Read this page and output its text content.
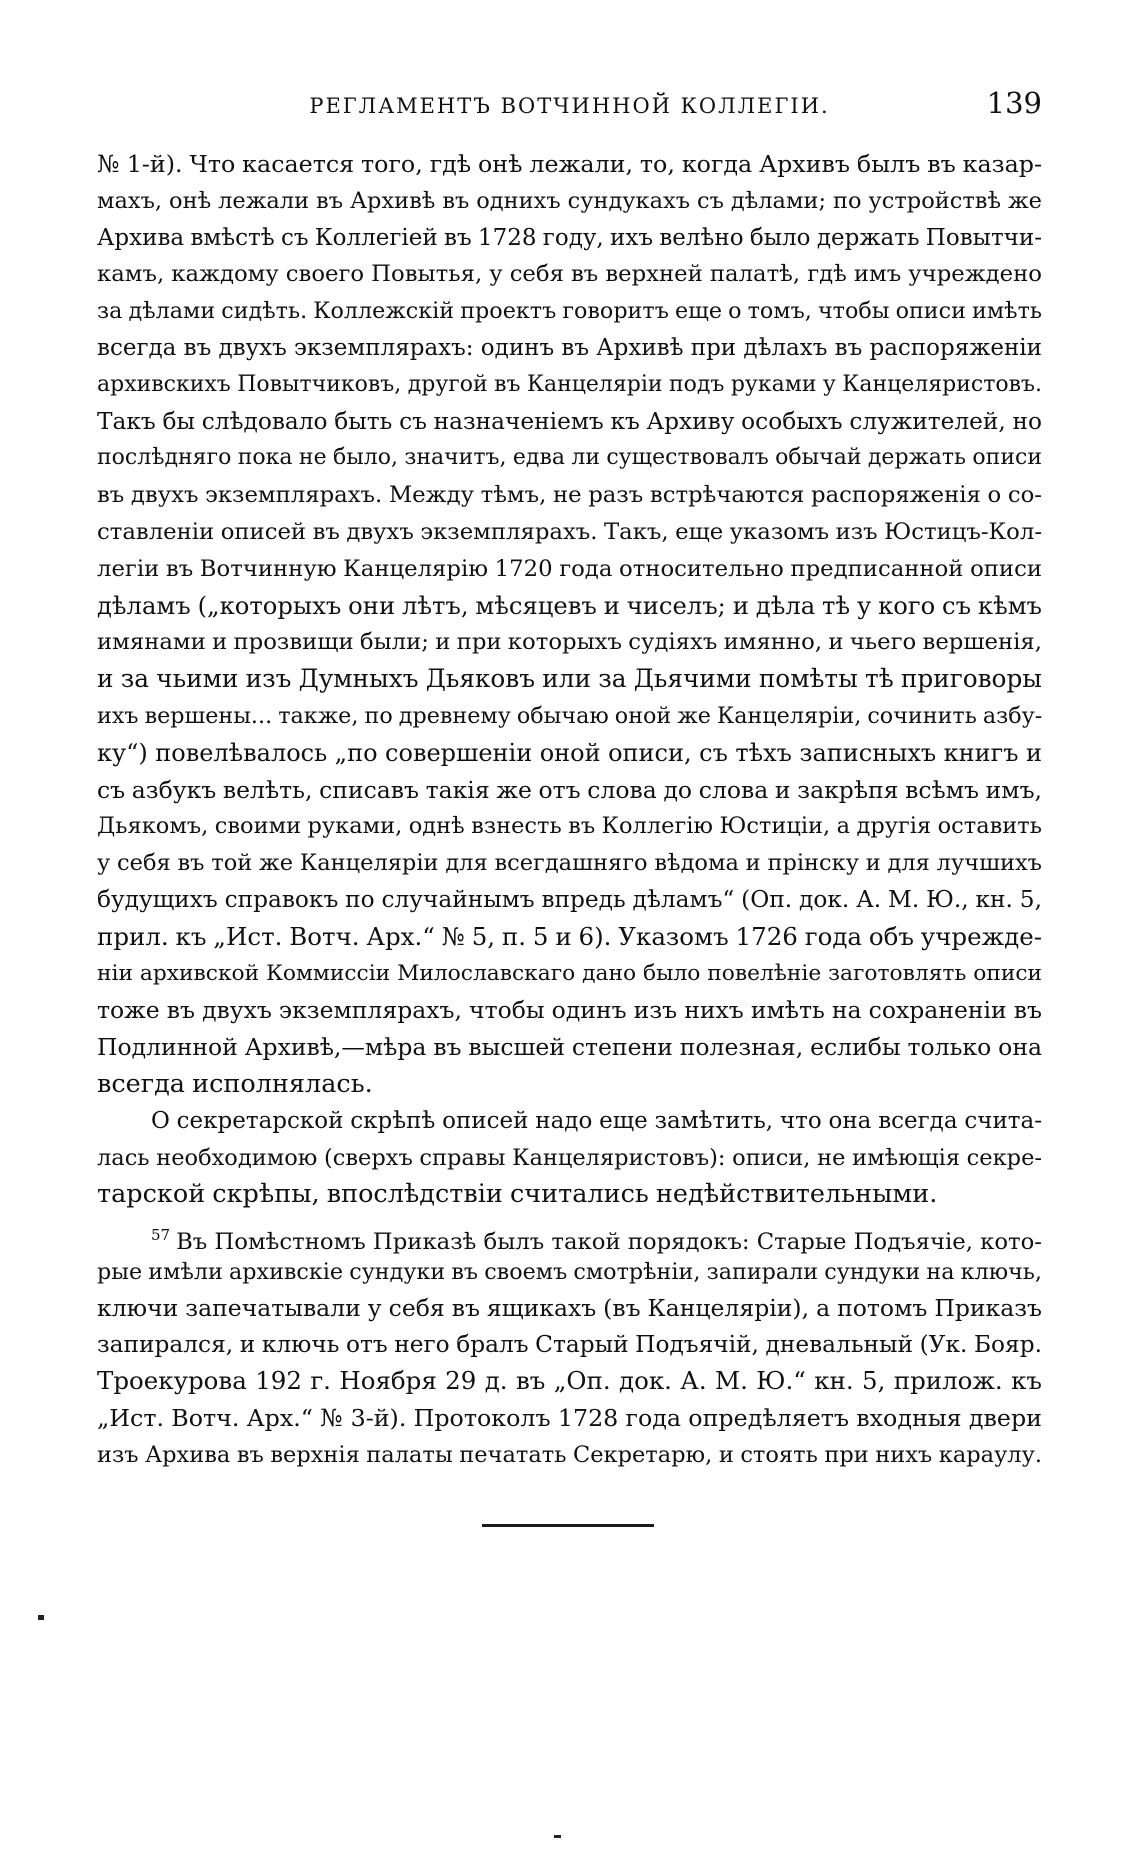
РЕГЛАМЕНТЪ ВОТЧИННОЙ КОЛЛЕГІИ.	139
№ 1-й). Что касается того, гдѣ онѣ лежали, то, когда Архивъ былъ въ казар-
махъ, онѣ лежали въ Архивѣ въ однихъ сундукахъ съ дѣлами; по устройствѣ же
Архива вмѣстѣ съ Коллегіей въ 1728 году, ихъ велѣно было держать Повытчи-
камъ, каждому своего Повытья, у себя въ верхней палатѣ, гдѣ имъ учреждено
за дѣлами сидѣть. Коллежскій проектъ говоритъ еще о томъ, чтобы описи имѣть
всегда въ двухъ экземплярахъ: одинъ въ Архивѣ при дѣлахъ въ распоряженіи
архивскихъ Повытчиковъ, другой въ Канцеляріи подъ руками у Канцеляристовъ.
Такъ бы слѣдовало быть съ назначеніемъ къ Архиву особыхъ служителей, но
послѣдняго пока не было, значитъ, едва ли существовалъ обычай держать описи
въ двухъ экземплярахъ. Между тѣмъ, не разъ встрѣчаются распоряженія о со-
ставленіи описей въ двухъ экземплярахъ. Такъ, еще указомъ изъ Юстицъ-Кол-
легіи въ Вотчинную Канцелярію 1720 года относительно предписанной описи
дѣламъ („которыхъ они лѣтъ, мѣсяцевъ и чиселъ; и дѣла тѣ у кого съ кѣмъ
имянами и прозвищи были; и при которыхъ судіяхъ имянно, и чьего вершенія,
и за чьими изъ Думныхъ Дьяковъ или за Дьячими помѣты тѣ приговоры
ихъ вершены... также, по древнему обычаю оной же Канцеляріи, сочинить азбу-
ку“) повелѣвалось „по совершеніи оной описи, съ тѣхъ записныхъ книгъ и
съ азбукъ велѣть, списавъ такія же отъ слова до слова и закрѣпя всѣмъ имъ,
Дьякомъ, своими руками, однѣ взнесть въ Коллегію Юстиціи, а другія оставить
у себя въ той же Канцеляріи для всегдашняго вѣдома и прінску и для лучшихъ
будущихъ справокъ по случайнымъ впредь дѣламъ“ (Оп. док. А. М. Ю., кн. 5,
прил. къ „Ист. Вотч. Арх.“ № 5, п. 5 и 6). Указомъ 1726 года объ учрежде-
ніи архивской Коммиссіи Милославскаго дано было повелѣніе заготовлять описи
тоже въ двухъ экземплярахъ, чтобы одинъ изъ нихъ имѣть на сохраненіи въ
Подлинной Архивѣ,—мѣра въ высшей степени полезная, еслибы только она
всегда исполнялась.
О секретарской скрѣпѣ описей надо еще замѣтить, что она всегда счита-
лась необходимою (сверхъ справы Канцеляристовъ): описи, не имѣющія секре-
тарской скрѣпы, впослѣдствіи считались недѣйствительными.
$^{57}$ Въ Помѣстномъ Приказѣ былъ такой порядокъ: Старые Подъячіе, кото-
рые имѣли архивскіе сундуки въ своемъ смотрѣніи, запирали сундуки на ключь,
ключи запечатывали у себя въ ящикахъ (въ Канцеляріи), а потомъ Приказъ
запирался, и ключь отъ него бралъ Старый Подъячій, дневальный (Ук. Бояр.
Троекурова 192 г. Ноября 29 д. въ „Оп. док. А. М. Ю.“ кн. 5, прилож. къ
„Ист. Вотч. Арх.“ № 3-й). Протоколъ 1728 года опредѣляетъ входныя двери
изъ Архива въ верхнія палаты печатать Секретарю, и стоять при нихъ караулу.
